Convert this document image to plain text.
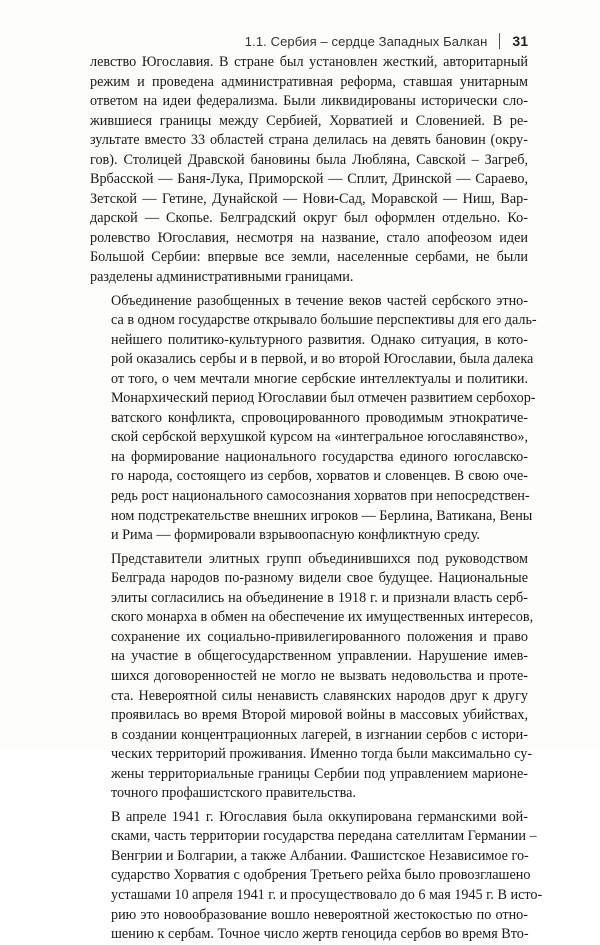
1.1. Сербия – сердце Западных Балкан 31
левство Югославия. В стране был установлен жесткий, авторитарный
режим и проведена административная реформа, ставшая унитарным
ответом на идеи федерализма. Были ликвидированы исторически сло-
жившиеся границы между Сербией, Хорватией и Словенией. В ре-
зультате вместо 33 областей страна делилась на девять бановин (окру-
гов). Столицей Дравской бановины была Любляна, Савской – Загреб,
Врбасской — Баня-Лука, Приморской — Сплит, Дринской — Сараево,
Зетской — Гетине, Дунайской — Нови-Сад, Моравской — Ниш, Вар-
дарской — Скопье. Белградский округ был оформлен отдельно. Ко-
ролевство Югославия, несмотря на название, стало апофеозом идеи
Большой Сербии: впервые все земли, населенные сербами, не были
разделены административными границами.
Объединение разобщенных в течение веков частей сербского этно-
са в одном государстве открывало большие перспективы для его даль-
нейшего политико-культурного развития. Однако ситуация, в кото-
рой оказались сербы и в первой, и во второй Югославии, была далека
от того, о чем мечтали многие сербские интеллектуалы и политики.
Монархический период Югославии был отмечен развитием сербохор-
ватского конфликта, спровоцированного проводимым этнократиче-
ской сербской верхушкой курсом на «интегральное югославянство»,
на формирование национального государства единого югославско-
го народа, состоящего из сербов, хорватов и словенцев. В свою оче-
редь рост национального самосознания хорватов при непосредствен-
ном подстрекательстве внешних игроков — Берлина, Ватикана, Вены
и Рима — формировали взрывоопасную конфликтную среду.
Представители элитных групп объединившихся под руководством
Белграда народов по-разному видели свое будущее. Национальные
элиты согласились на объединение в 1918 г. и признали власть серб-
ского монарха в обмен на обеспечение их имущественных интересов,
сохранение их социально-привилегированного положения и право
на участие в общегосударственном управлении. Нарушение имев-
шихся договоренностей не могло не вызвать недовольства и проте-
ста. Невероятной силы ненависть славянских народов друг к другу
проявилась во время Второй мировой войны в массовых убийствах,
в создании концентрационных лагерей, в изгнании сербов с истори-
ческих территорий проживания. Именно тогда были максимально су-
жены территориальные границы Сербии под управлением марионе-
точного профашистского правительства.
В апреле 1941 г. Югославия была оккупирована германскими вой-
сками, часть территории государства передана сателлитам Германии –
Венгрии и Болгарии, а также Албании. Фашистское Независимое го-
сударство Хорватия с одобрения Третьего рейха было провозглашено
усташами 10 апреля 1941 г. и просуществовало до 6 мая 1945 г. В исто-
рию это новообразование вошло невероятной жестокостью по отно-
шению к сербам. Точное число жертв геноцида сербов во время Вто-
